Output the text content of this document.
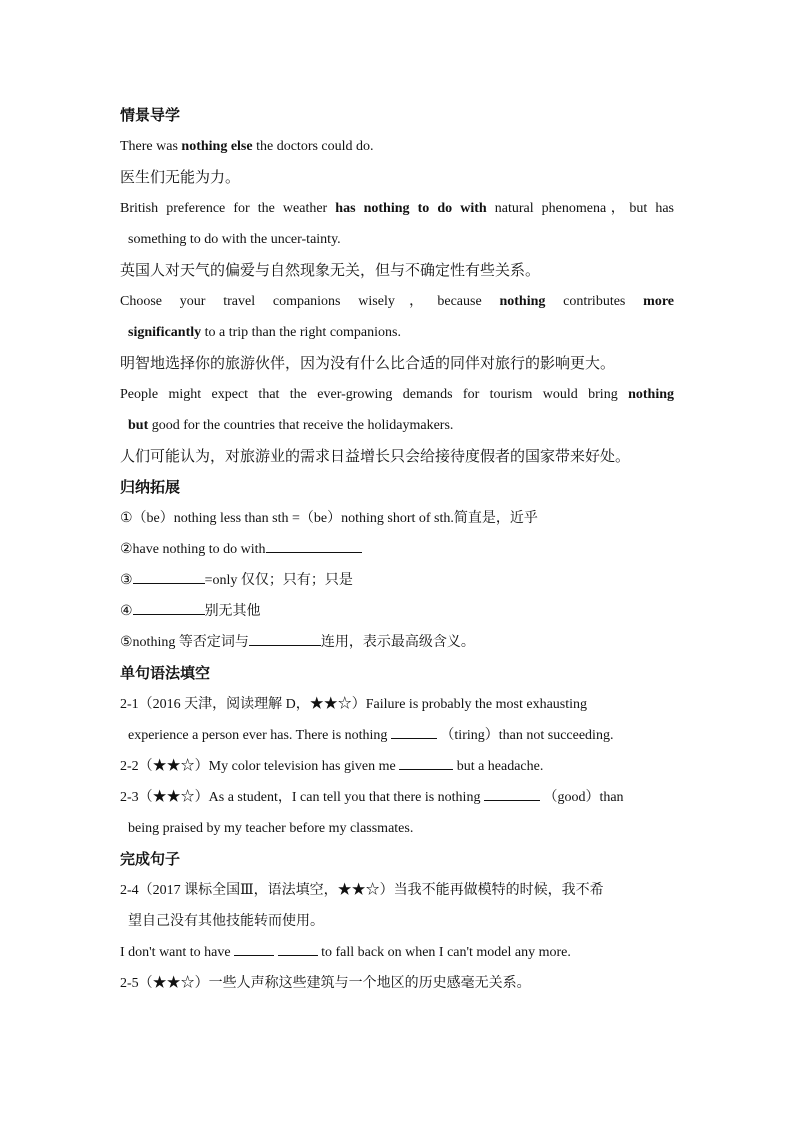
情景导学
There was nothing else the doctors could do.
医生们无能为力。
British preference for the weather has nothing to do with natural phenomena，but has
something to do with the uncer-tainty.
英国人对天气的偏爱与自然现象无关，但与不确定性有些关系。
Choose your travel companions wisely，because nothing contributes more
significantly to a trip than the right companions.
明智地选择你的旅游伙伴，因为没有什么比合适的同伴对旅行的影响更大。
People might expect that the ever-growing demands for tourism would bring nothing
but good for the countries that receive the holidaymakers.
人们可能认为，对旅游业的需求日益增长只会给接待度假者的国家带来好处。
归纳拓展
①（be）nothing less than sth =（be）nothing short of sth.简直是，近乎
②have nothing to do with
③	=only 仅仅；只有；只是
④	别无其他
⑤nothing 等否定词与	连用，表示最高级含义。
单句语法填空
2-1（2016 天津，阅读理解 D，★★☆）Failure is probably the most exhausting
experience a person ever has. There is nothing	（tiring）than not succeeding.
2-2（★★☆）My color television has given me	but a headache.
2-3（★★☆）As a student，I can tell you that there is nothing	（good）than
being praised by my teacher before my classmates.
完成句子
2-4（2017 课标全国Ⅲ，语法填空，★★☆）当我不能再做模特的时候，我不希
望自己没有其他技能转而使用。
I don't want to have	to fall back on when I can't model any more.
2-5（★★☆）一些人声称这些建筑与一个地区的历史感毫无关系。
